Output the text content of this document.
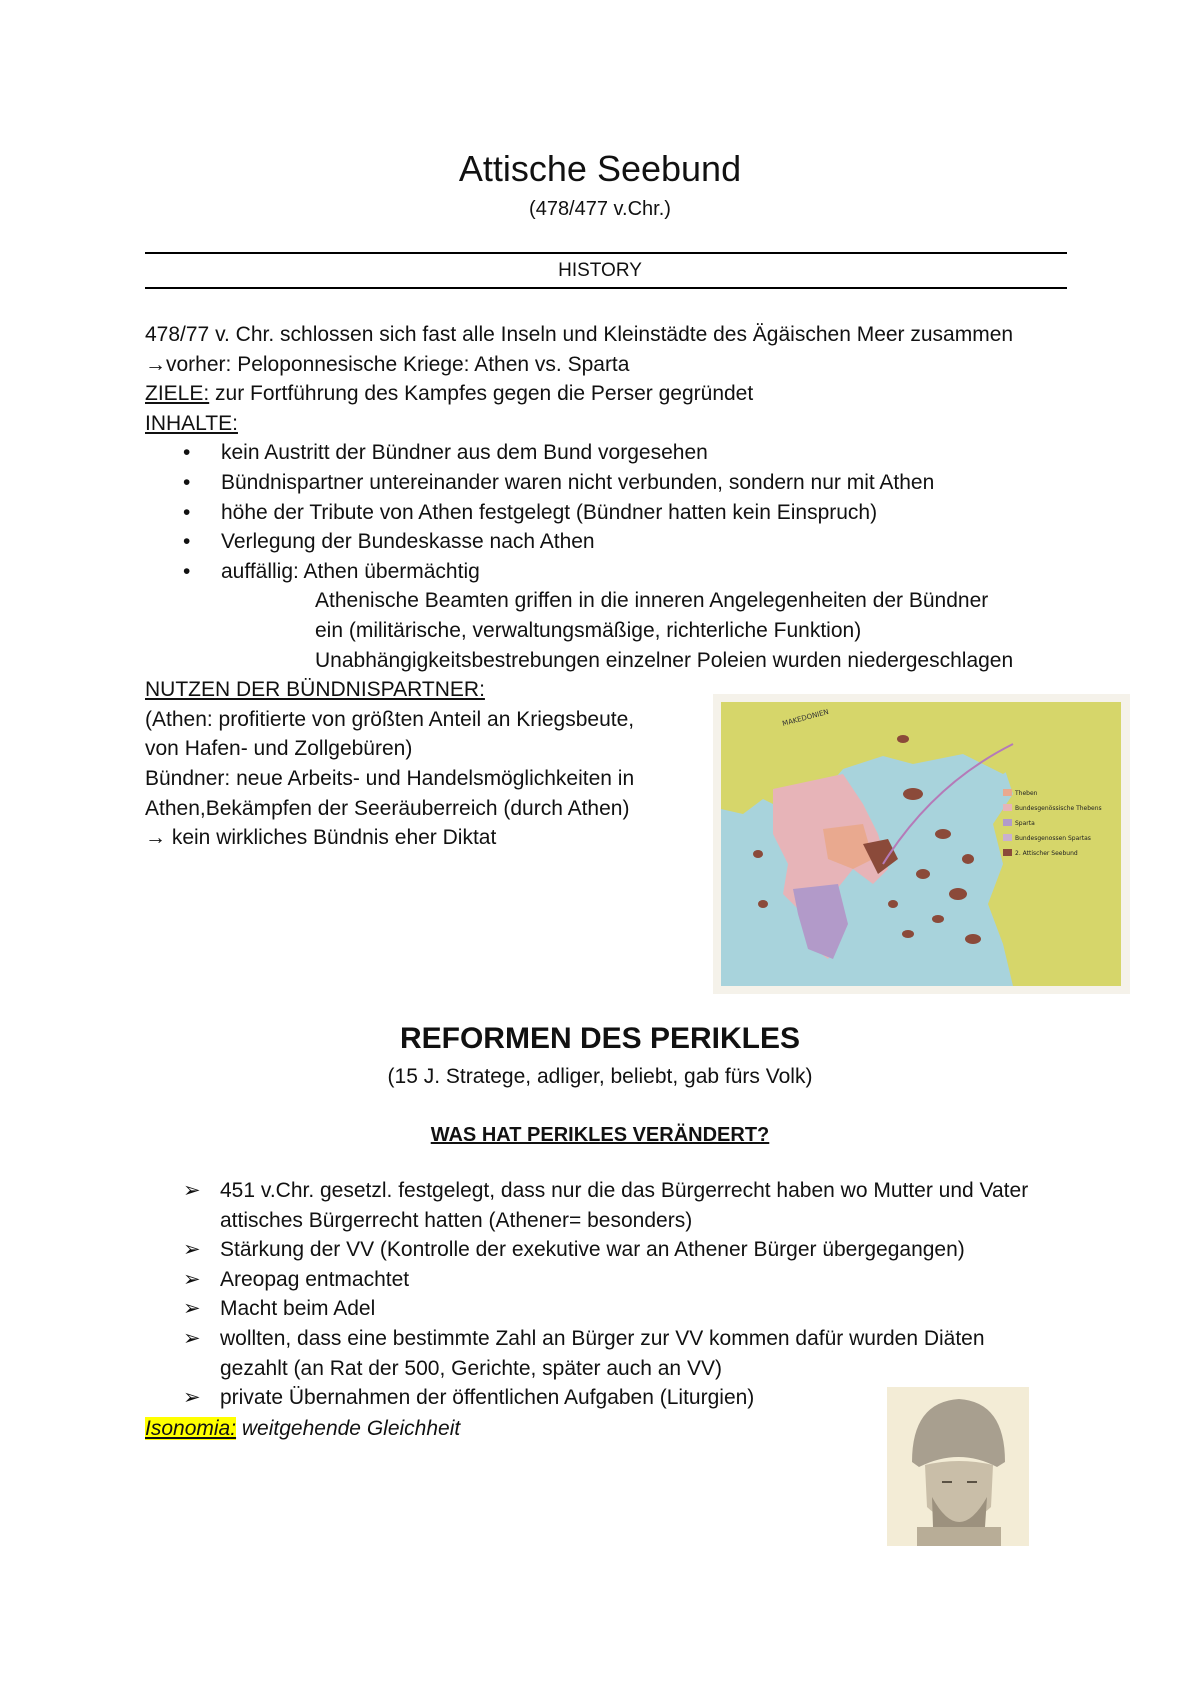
Attische Seebund
(478/477 v.Chr.)
HISTORY
478/77 v. Chr. schlossen sich fast alle Inseln und Kleinstädte des Ägäischen Meer zusammen
→vorher: Peloponnesische Kriege: Athen vs. Sparta
ZIELE: zur Fortführung des Kampfes gegen die Perser gegründet
INHALTE:
•	kein Austritt der Bündner aus dem Bund vorgesehen
•	Bündnispartner untereinander waren nicht verbunden, sondern nur mit Athen
•	höhe der Tribute von Athen festgelegt (Bündner hatten kein Einspruch)
•	Verlegung der Bundeskasse nach Athen
•	auffällig: Athen übermächtig
Athenische Beamten griffen in die inneren Angelegenheiten der Bündner
ein (militärische, verwaltungsmäßige, richterliche Funktion)
Unabhängigkeitsbestrebungen einzelner Poleien wurden niedergeschlagen
NUTZEN DER BÜNDNISPARTNER:
(Athen: profitierte von größten Anteil an Kriegsbeute,
von Hafen- und Zollgebüren)
Bündner: neue Arbeits- und Handelsmöglichkeiten in
Athen,Bekämpfen der Seeräuberreich (durch Athen)
→ kein wirkliches Bündnis eher Diktat
Theben
Bundesgenössische Thebens
Sparta
Bundesgenossen Spartas
2. Attischer Seebund
MAKEDONIEN
REFORMEN DES PERIKLES
(15 J. Stratege, adliger, beliebt, gab fürs Volk)
WAS HAT PERIKLES VERÄNDERT?
➢ 451 v.Chr. gesetzl. festgelegt, dass nur die das Bürgerrecht haben wo Mutter und Vater attisches Bürgerrecht hatten (Athener= besonders)
➢ Stärkung der VV (Kontrolle der exekutive war an Athener Bürger übergegangen)
➢ Areopag entmachtet
➢ Macht beim Adel
➢ wollten, dass eine bestimmte Zahl an Bürger zur VV kommen dafür wurden Diäten gezahlt (an Rat der 500, Gerichte, später auch an VV)
➢ private Übernahmen der öffentlichen Aufgaben (Liturgien)
Isonomia: weitgehende Gleichheit
